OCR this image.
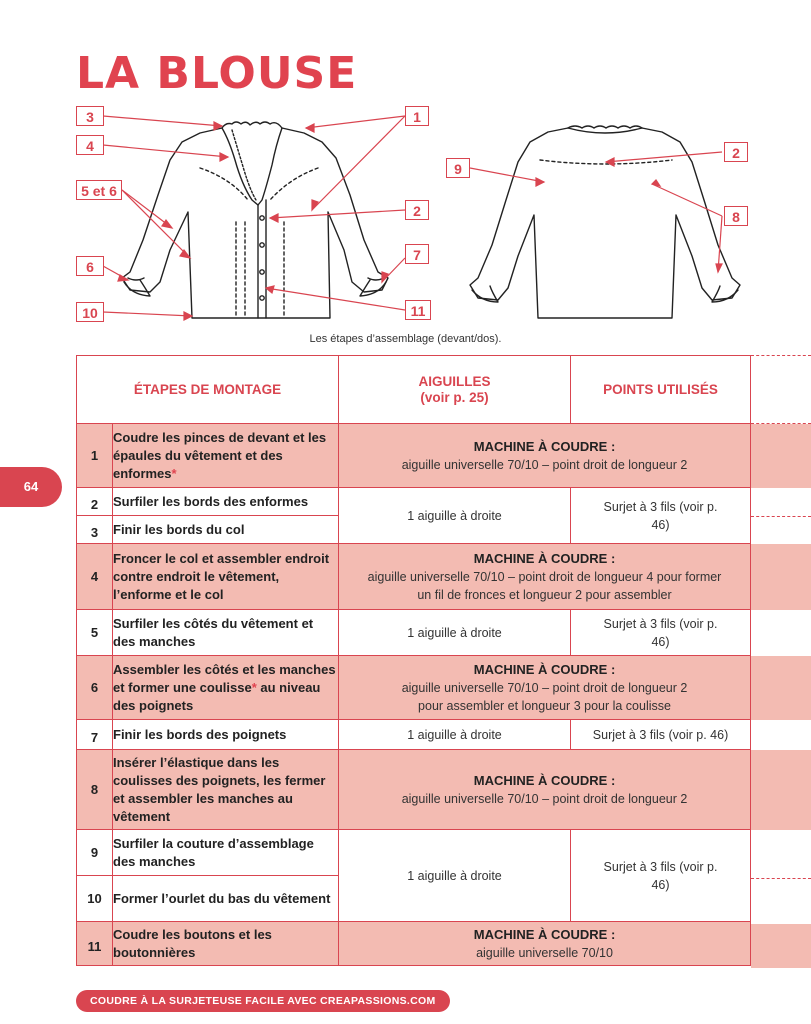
LA BLOUSE
3
4
5 et 6
6
10
1
2
7
11
9
2
8
Les étapes d’assemblage (devant/dos).
ÉTAPES DE MONTAGE		AIGUILLES
(voir p. 25)	POINTS UTILISÉS
1	Coudre les pinces de devant et les épaules du vêtement et des enformes*	MACHINE À COUDRE :
aiguille universelle 70/10 – point droit de longueur 2	
2	Surfiler les bords des enformes	1 aiguille à droite	Surjet à 3 fils (voir p. 46)
3	Finir les bords du col		
4	Froncer le col et assembler endroit contre endroit le vêtement, l’enforme et le col	MACHINE À COUDRE :
aiguille universelle 70/10 – point droit de longueur 4 pour former un fil de fronces et longueur 2 pour assembler	

5	Surfiler les côtés du vêtement et des manches	1 aiguille à droite	Surjet à 3 fils (voir p. 46)
6	Assembler les côtés et les manches et former une coulisse* au niveau des poignets	MACHINE À COUDRE :
aiguille universelle 70/10 – point droit de longueur 2 pour assembler et longueur 3 pour la coulisse	

7	Finir les bords des poignets	1 aiguille à droite	Surjet à 3 fils (voir p. 46)
8	Insérer l’élastique dans les coulisses des poignets, les fermer et assembler les manches au vêtement	MACHINE À COUDRE :
aiguille universelle 70/10 – point droit de longueur 2	
9	Surfiler la couture d’assemblage des manches	1 aiguille à droite	Surjet à 3 fils (voir p. 46)
10	Former l’ourlet du bas du vêtement		
11	Coudre les boutons et les boutonnières	MACHINE À COUDRE :
aiguille universelle 70/10	
64
COUDRE À LA SURJETEUSE FACILE AVEC CREAPASSIONS.COM
